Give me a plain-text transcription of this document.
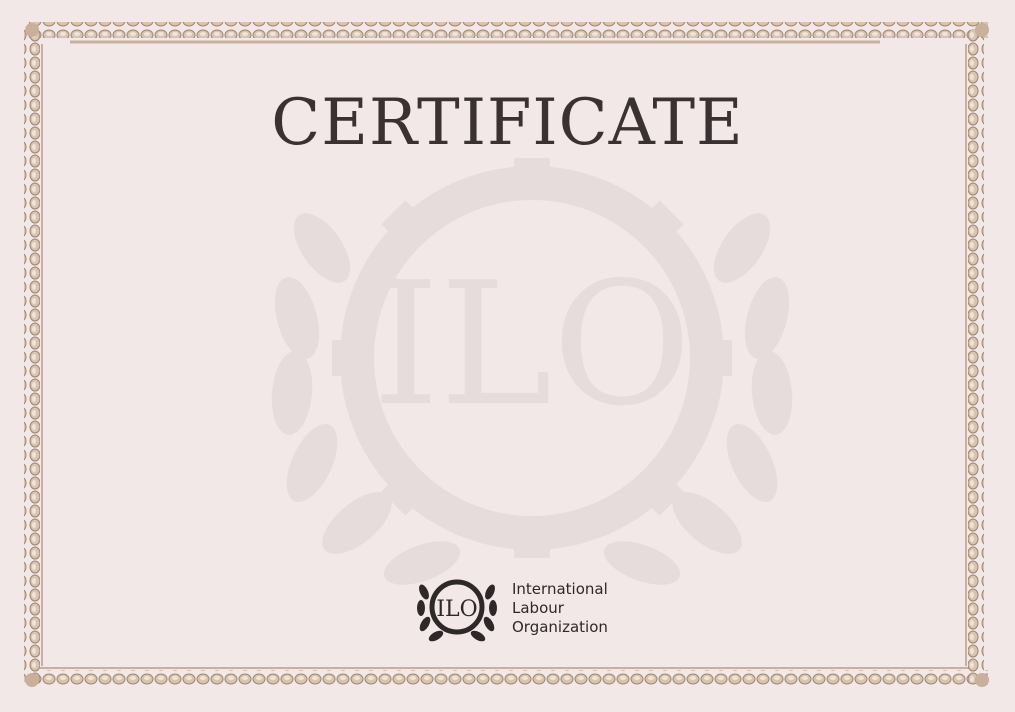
ILO
CERTIFICATE
ILO
International
Labour
Organization
